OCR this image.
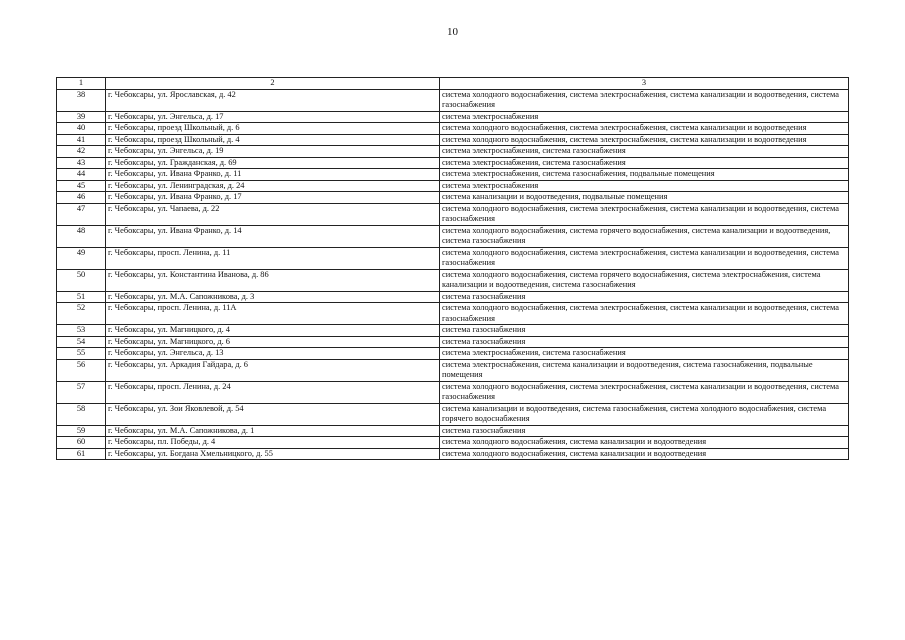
10
1	2	3
38	г. Чебоксары, ул. Ярославская, д. 42	система холодного водоснабжения, система электроснабжения, система канализации и водоотведения, система газоснабжения
39	г. Чебоксары, ул. Энгельса, д. 17	система электроснабжения
40	г. Чебоксары, проезд Школьный, д. 6	система холодного водоснабжения, система электроснабжения, система канализации и водоотведения
41	г. Чебоксары, проезд Школьный, д. 4	система холодного водоснабжения, система электроснабжения, система канализации и водоотведения
42	г. Чебоксары, ул. Энгельса, д. 19	система электроснабжения, система газоснабжения
43	г. Чебоксары, ул. Гражданская, д. 69	система электроснабжения, система газоснабжения
44	г. Чебоксары, ул. Ивана Франко, д. 11	система электроснабжения, система газоснабжения, подвальные помещения
45	г. Чебоксары, ул. Ленинградская, д. 24	система электроснабжения
46	г. Чебоксары, ул. Ивана Франко, д. 17	система канализации и водоотведения, подвальные помещения
47	г. Чебоксары, ул. Чапаева, д. 22	система холодного водоснабжения, система электроснабжения, система канализации и водоотведения, система газоснабжения
48	г. Чебоксары, ул. Ивана Франко, д. 14	система холодного водоснабжения, система горячего водоснабжения, система канализации и водоотведения, система газоснабжения
49	г. Чебоксары, просп. Ленина, д. 11	система холодного водоснабжения, система электроснабжения, система канализации и водоотведения, система газоснабжения
50	г. Чебоксары, ул. Константина Иванова, д. 86	система холодного водоснабжения, система горячего водоснабжения, система электроснабжения, система канализации и водоотведения, система газоснабжения
51	г. Чебоксары, ул. М.А. Сапожникова, д. 3	система газоснабжения
52	г. Чебоксары, просп. Ленина, д. 11А	система холодного водоснабжения, система электроснабжения, система канализации и водоотведения, система газоснабжения
53	г. Чебоксары, ул. Магницкого, д. 4	система газоснабжения
54	г. Чебоксары, ул. Магницкого, д. 6	система газоснабжения
55	г. Чебоксары, ул. Энгельса, д. 13	система электроснабжения, система газоснабжения
56	г. Чебоксары, ул. Аркадия Гайдара, д. 6	система электроснабжения, система канализации и водоотведения, система газоснабжения, подвальные помещения
57	г. Чебоксары, просп. Ленина, д. 24	система холодного водоснабжения, система электроснабжения, система канализации и водоотведения, система газоснабжения
58	г. Чебоксары, ул. Зои Яковлевой, д. 54	система канализации и водоотведения, система газоснабжения, система холодного водоснабжения, система горячего водоснабжения
59	г. Чебоксары, ул. М.А. Сапожникова, д. 1	система газоснабжения
60	г. Чебоксары, пл. Победы, д. 4	система холодного водоснабжения, система канализации и водоотведения
61	г. Чебоксары, ул. Богдана Хмельницкого, д. 55	система холодного водоснабжения, система канализации и водоотведения
